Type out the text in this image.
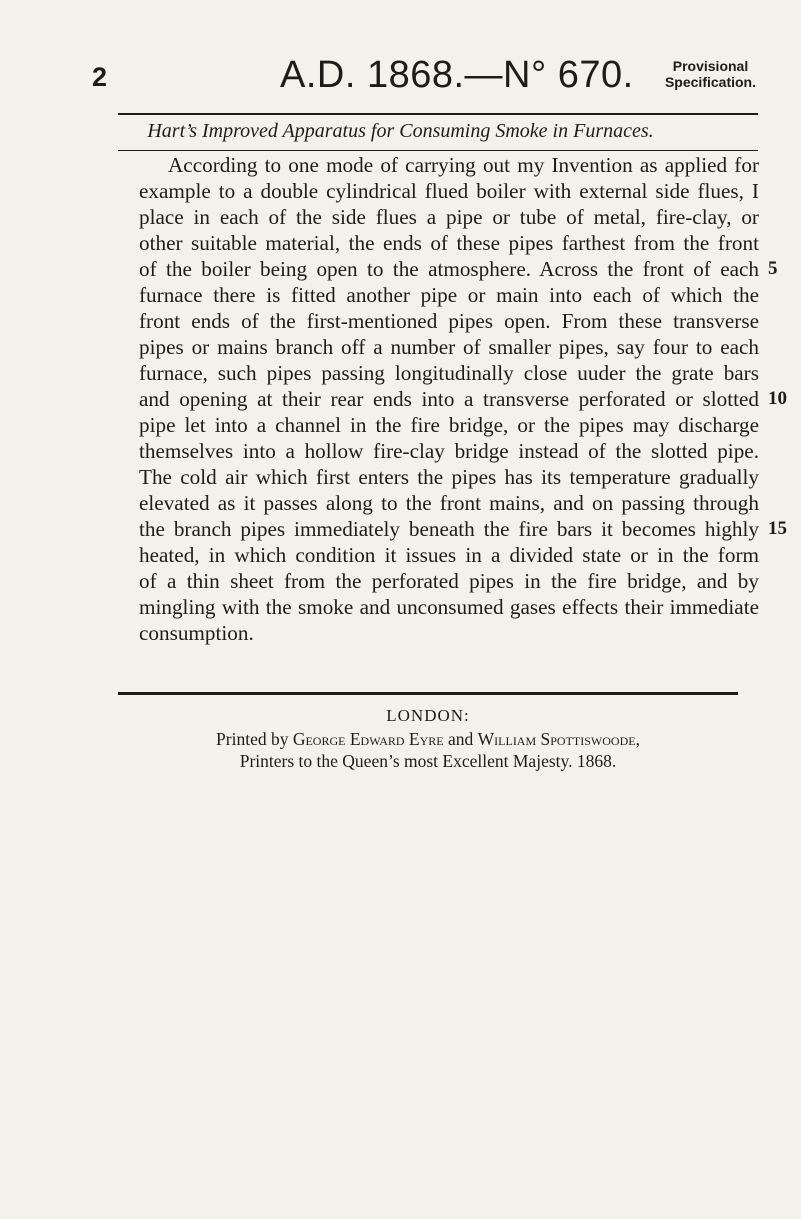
2	A.D. 1868.—N° 670.	Provisional
Specification.
Hart’s Improved Apparatus for Consuming Smoke in Furnaces.
According to one mode of carrying out my Invention as applied for
example to a double cylindrical flued boiler with external side flues, I
place in each of the side flues a pipe or tube of metal, fire-clay, or
other suitable material, the ends of these pipes farthest from the front
of the boiler being open to the atmosphere. Across the front of each
furnace there is fitted another pipe or main into each of which the
front ends of the first-mentioned pipes open. From these transverse
pipes or mains branch off a number of smaller pipes, say four to each
furnace, such pipes passing longitudinally close uuder the grate bars
and opening at their rear ends into a transverse perforated or slotted
pipe let into a channel in the fire bridge, or the pipes may discharge
themselves into a hollow fire-clay bridge instead of the slotted pipe.
The cold air which first enters the pipes has its temperature gradually
elevated as it passes along to the front mains, and on passing through
the branch pipes immediately beneath the fire bars it becomes highly
heated, in which condition it issues in a divided state or in the form
of a thin sheet from the perforated pipes in the fire bridge, and by
mingling with the smoke and unconsumed gases effects their immediate
consumption.
5
10
15
LONDON:
Printed by George Edward Eyre and William Spottiswoode,
Printers to the Queen’s most Excellent Majesty. 1868.
